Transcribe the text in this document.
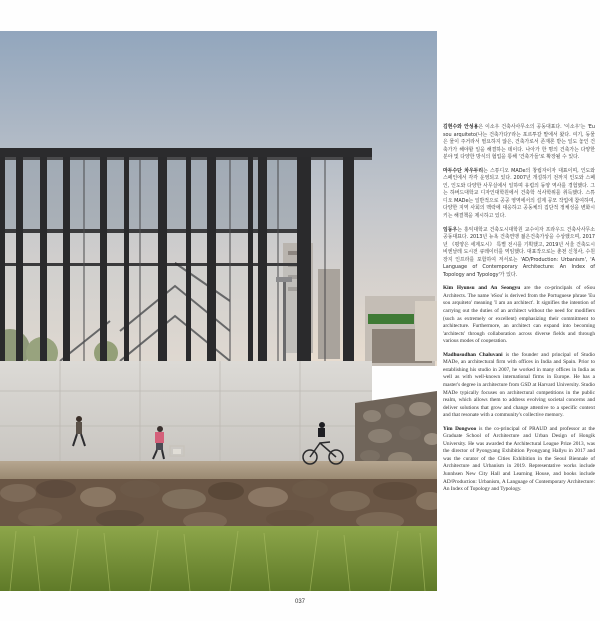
김현수와 안성용은 이소우 건축사사무소의 공동대표다. '이소우'는 'Eu sou arquiteto(나는 건축가다)'라는 포르투갈 말에서 왔다. 여기, 동물은 물이 주거라서 필요하지 않은, 건축가로서 존재론 받는 일도 놓인 건축가가 해야할 일을 해결하는 데이다. 나아가 한 명의 건축가는 다양한 분야 및 다양한 방식의 협업을 통해 '건축가들'로 확장될 수 있다.

마두수단 차우두리는 스튜디오 MADe의 창립자이자 대표이며, 인도와 스페인에서 각각 운영되고 있다. 2007년 개설하기 전까지 인도와 스페인, 인도와 다양한 사무실에서 일하며 유럽의 동양 역사를 경험했다. 그는 하버드대학교 디자인대학원에서 건축학 석사학위를 취득했다. 스튜디오 MADe는 일반적으로 공공 영역에서의 설계 공모 작업에 참여하며, 다양한 지역 사회의 맥락에 대응하고 공동체의 집단적 정체성을 변화시키는 해결책을 제시하고 있다.

임동우는 홍익대학교 건축도시대학원 교수이자 프라우드 건축사사무소 공동대표다. 2013년 뉴욕 건축연맹 젊은건축가상을 수상했으며, 2017년 《평양은 세계도시》 특별 전시를 기획했고, 2019년 서울 건축도시비엔날레 도시전 큐레이터를 역임했다. 대표작으로는 춘천 신청사, 수원 장지 인프라를 포함하여 저서로는 'AD/Production: Urbanism', 'A Language of Contemporary Architecture: An Index of Topology and Typology'가 있다.

Kim Hyunsu and An Seongyu are the co-principals of eSou Architects. The name 'eSou' is derived from the Portuguese phrase 'Eu sou arquiteto' meaning 'I am an architect'. It signifies the intention of carrying out the duties of an architect without the need for modifiers (such as extremely or excellent) emphasizing their commitment to architecture. Furthermore, an architect can expand into becoming 'architects' through collaboration across diverse fields and through various modes of cooperation.

Madhusudhan Chaluvani is the founder and principal of Studio MADe, an architectural firm with offices in India and Spain. Prior to establishing his studio in 2007, he worked in many offices in India as well as with well-known international firms in Europe. He has a master's degree in architecture from GSD at Harvard University. Studio MADe typically focuses on architectural competitions in the public realm, which allows them to address evolving societal concerns and deliver solutions that grow and change attentive to a specific context and that resonate with a community's collective memory.

Yim Dongwoo is the co-principal of PRAUD and professor at the Graduate School of Architecture and Urban Design of Hongik University. He was awarded the Architectural League Prize 2013, was the director of Pyongyang Exhibition Pyongyang Hallyu in 2017 and was the curator of the Cities Exhibition in the Seoul Biennale of Architecture and Urbanism in 2019. Representative works include Junnhsen New City Hall and Learning House, and books include AD/Production: Urbanism, A Language of Contemporary Architecture: An Index of Topology and Typology.

037
